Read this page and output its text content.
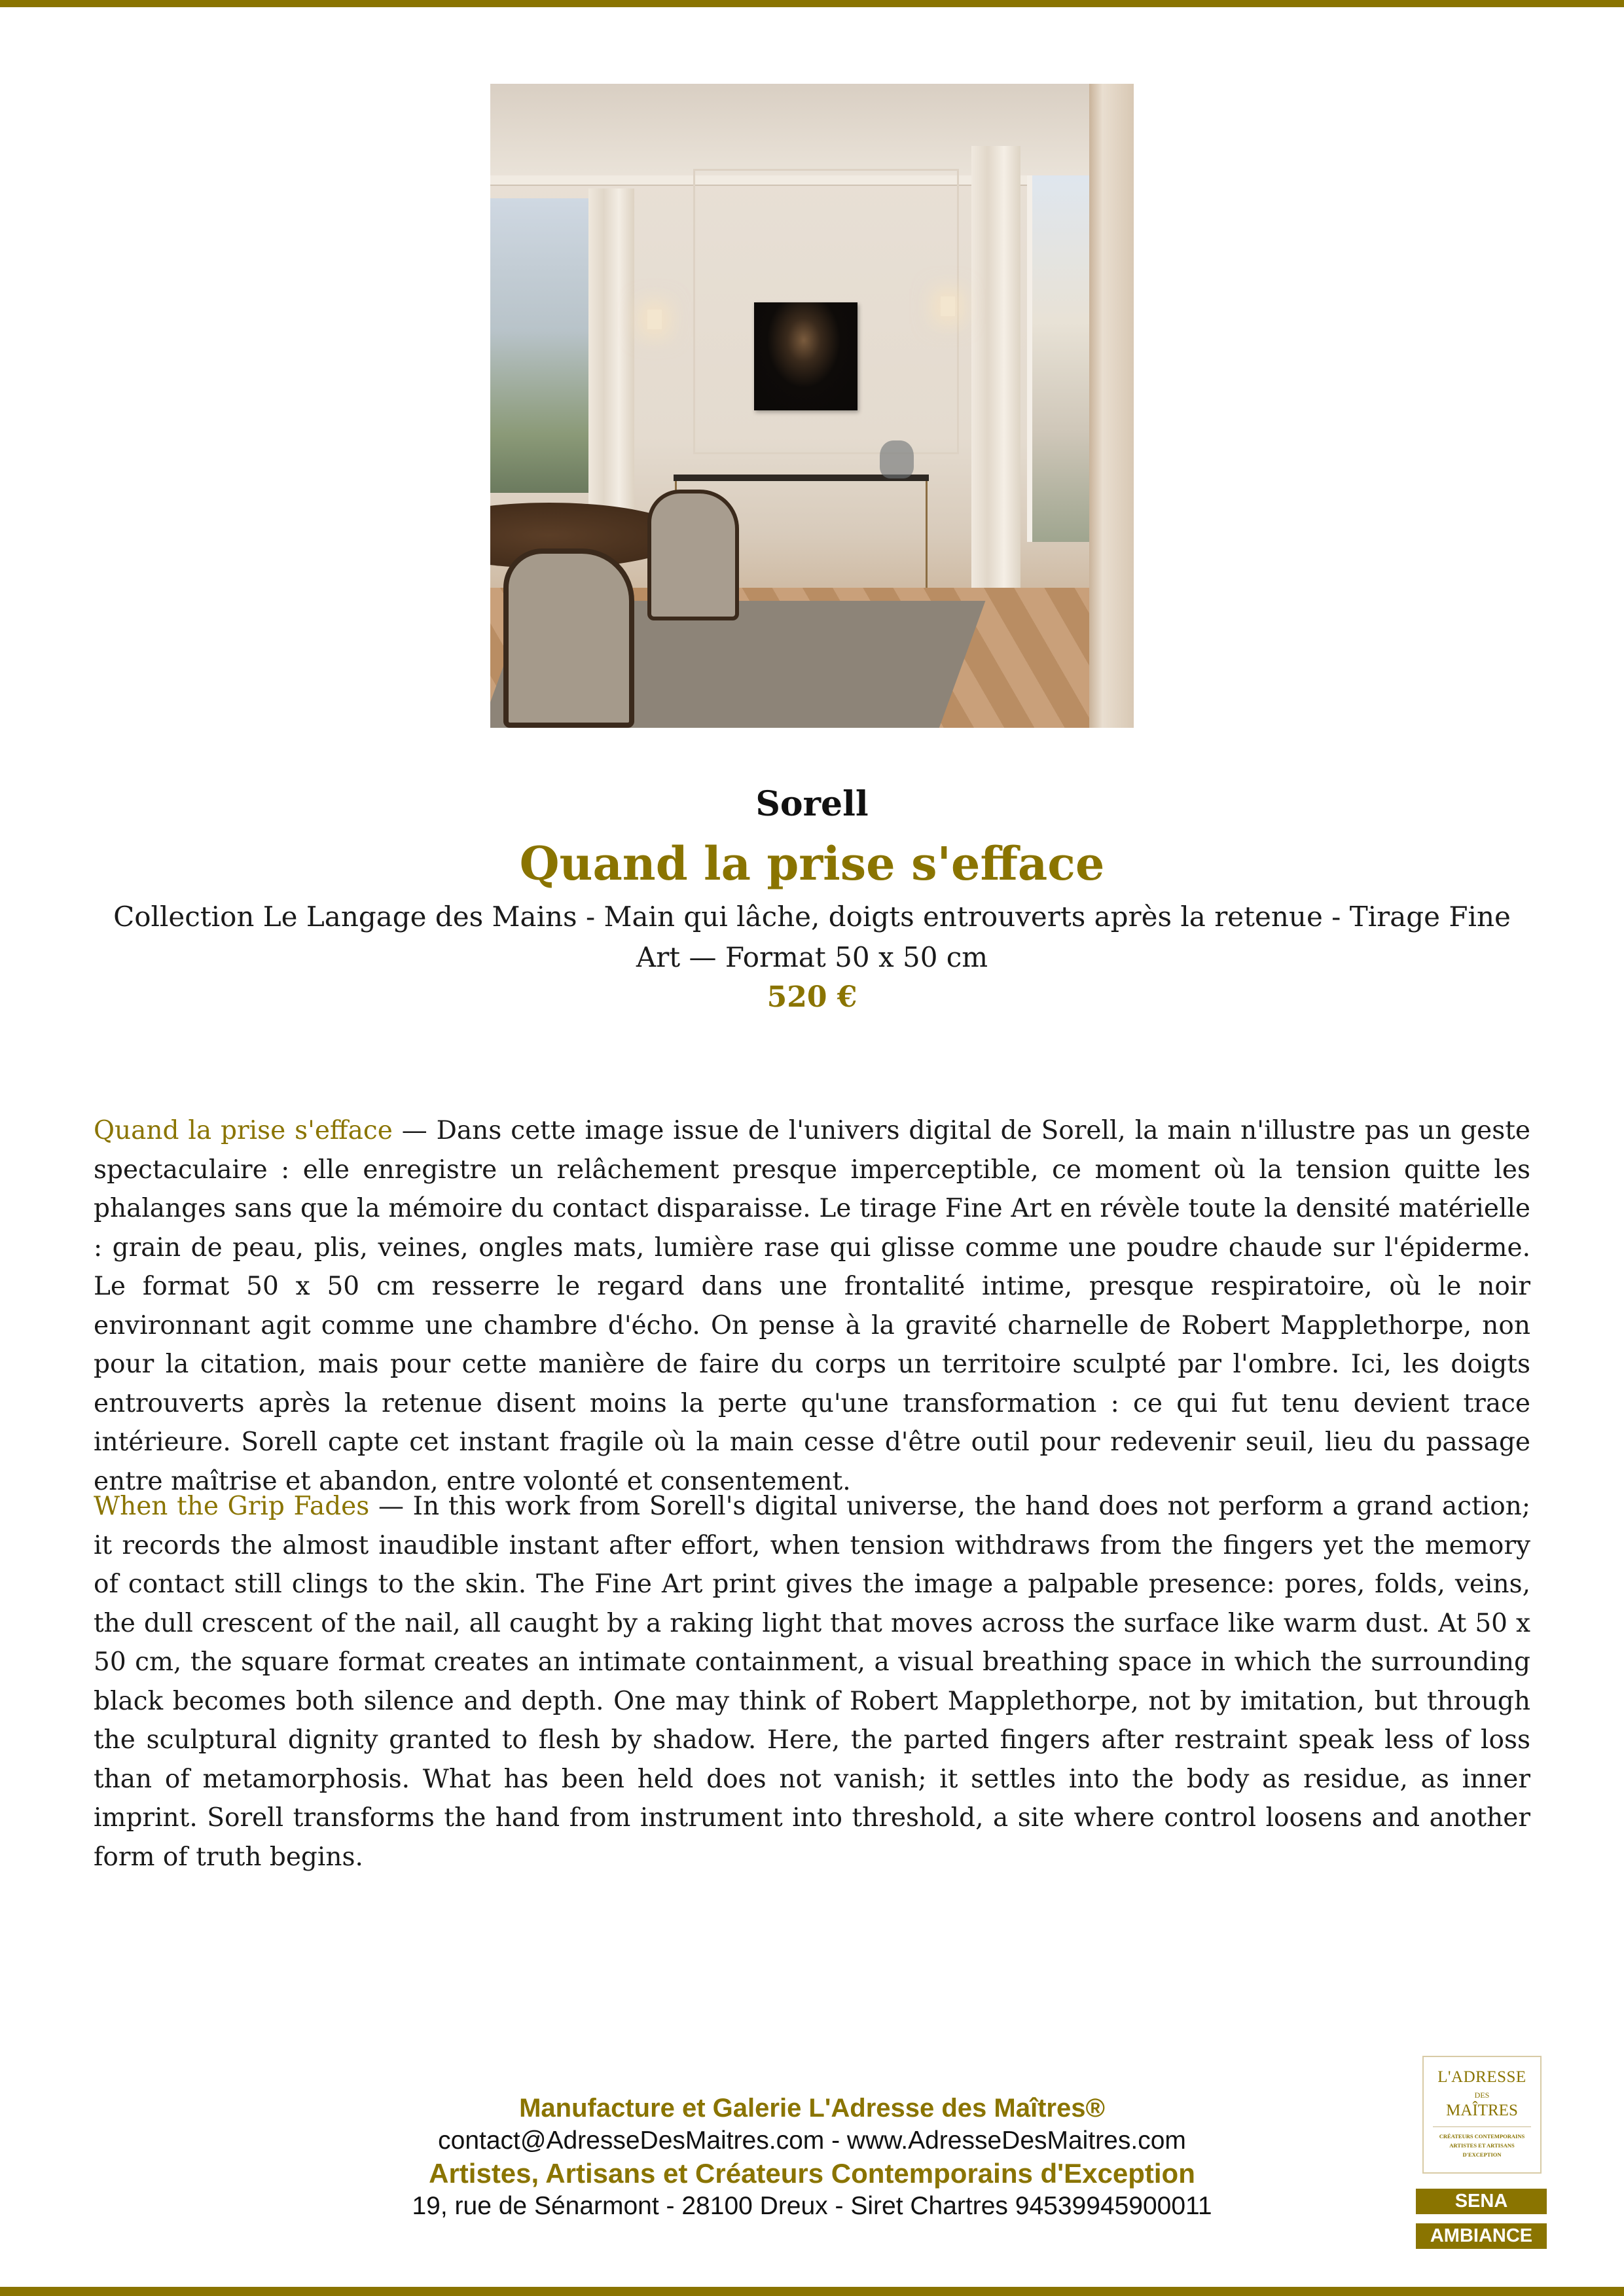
Sorell
Quand la prise s'efface
Collection Le Langage des Mains - Main qui lâche, doigts entrouverts après la retenue - Tirage Fine Art — Format 50 x 50 cm
520 €

Quand la prise s'efface — Dans cette image issue de l'univers digital de Sorell, la main n'illustre pas un geste spectaculaire : elle enregistre un relâchement presque imperceptible, ce moment où la tension quitte les phalanges sans que la mémoire du contact disparaisse. Le tirage Fine Art en révèle toute la densité matérielle : grain de peau, plis, veines, ongles mats, lumière rase qui glisse comme une poudre chaude sur l'épiderme. Le format 50 x 50 cm resserre le regard dans une frontalité intime, presque respiratoire, où le noir environnant agit comme une chambre d'écho. On pense à la gravité charnelle de Robert Mapplethorpe, non pour la citation, mais pour cette manière de faire du corps un territoire sculpté par l'ombre. Ici, les doigts entrouverts après la retenue disent moins la perte qu'une transformation : ce qui fut tenu devient trace intérieure. Sorell capte cet instant fragile où la main cesse d'être outil pour redevenir seuil, lieu du passage entre maîtrise et abandon, entre volonté et consentement.

When the Grip Fades — In this work from Sorell's digital universe, the hand does not perform a grand action; it records the almost inaudible instant after effort, when tension withdraws from the fingers yet the memory of contact still clings to the skin. The Fine Art print gives the image a palpable presence: pores, folds, veins, the dull crescent of the nail, all caught by a raking light that moves across the surface like warm dust. At 50 x 50 cm, the square format creates an intimate containment, a visual breathing space in which the surrounding black becomes both silence and depth. One may think of Robert Mapplethorpe, not by imitation, but through the sculptural dignity granted to flesh by shadow. Here, the parted fingers after restraint speak less of loss than of metamorphosis. What has been held does not vanish; it settles into the body as residue, as inner imprint. Sorell transforms the hand from instrument into threshold, a site where control loosens and another form of truth begins.

Manufacture et Galerie L'Adresse des Maîtres®
contact@AdresseDesMaitres.com - www.AdresseDesMaitres.com
Artistes, Artisans et Créateurs Contemporains d'Exception
19, rue de Sénarmont - 28100 Dreux - Siret Chartres 94539945900011
L'ADRESSE
DES
MAÎTRES
CRÉATEURS CONTEMPORAINS
ARTISTES ET ARTISANS
D'EXCEPTION
SENA
AMBIANCE
